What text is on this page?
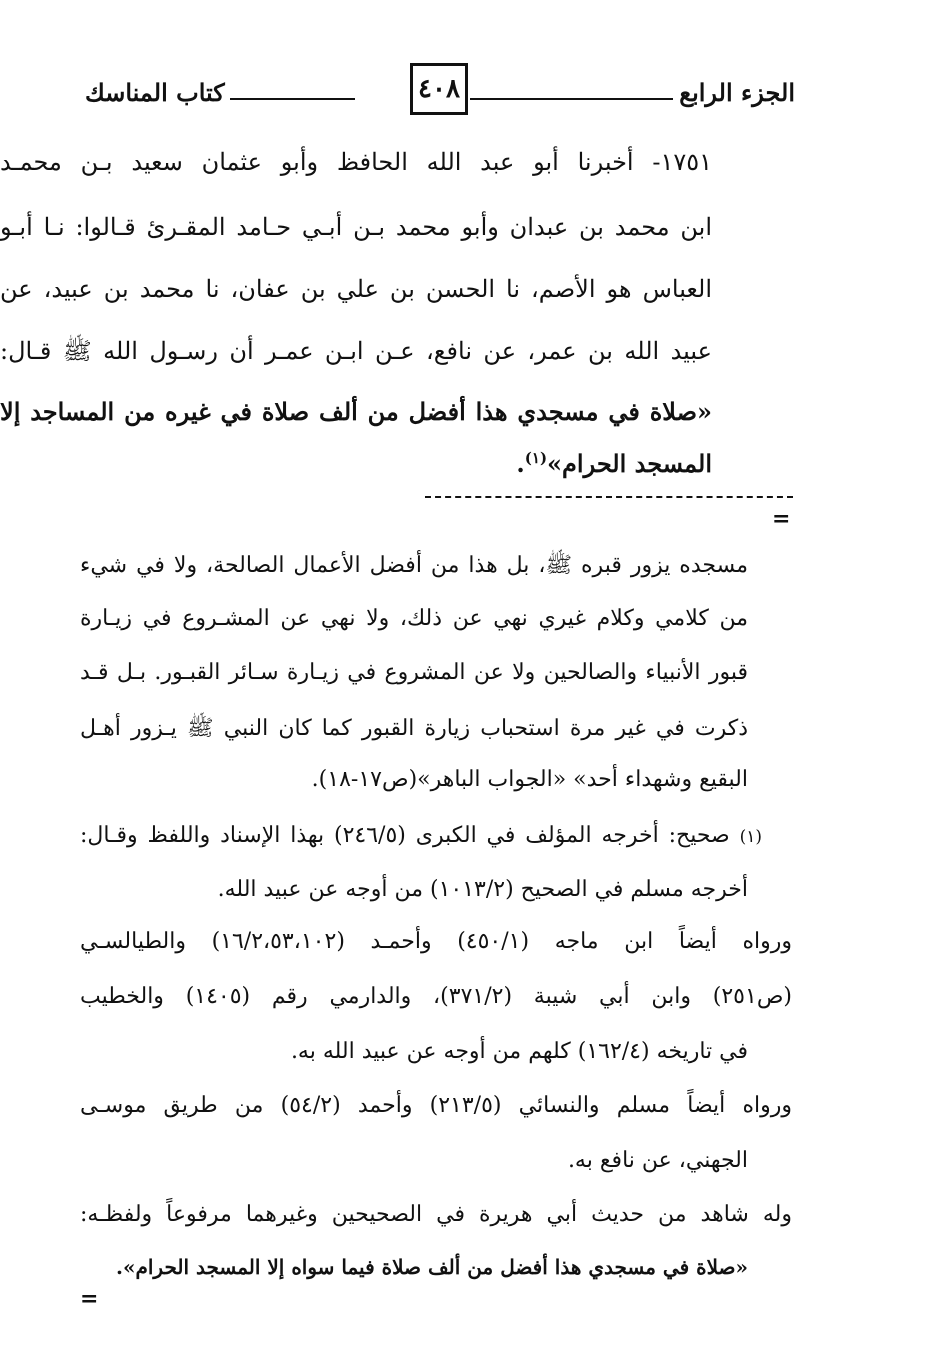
الجزء الرابع
٤٠٨
كتاب المناسك
١٧٥١- أخبرنا أبو عبد الله الحافظ وأبو عثمان سعيد بـن محمـد
ابن محمد بن عبدان وأبو محمد بـن أبـي حـامد المقـرئ قـالوا: نـا أبـو
العباس هو الأصم، نا الحسن بن علي بن عفان، نا محمد بن عبيد، عن
عبيد الله بن عمر، عن نافع، عـن ابـن عمـر أن رسـول الله ﷺ قـال:
«صلاة في مسجدي هذا أفضل من ألف صلاة في غيره من المساجد إلا
المسجد الحرام»$^{(١)}$.
=
مسجده يزور قبره ﷺ، بل هذا من أفضل الأعمال الصالحة، ولا في شيء
من كلامي وكلام غيري نهي عن ذلك، ولا نهي عن المشـروع في زيـارة
قبور الأنبياء والصالحين ولا عن المشروع في زيـارة سـائر القبـور. بـل قـد
ذكرت في غير مرة استحباب زيارة القبور كما كان النبي ﷺ يـزور أهـل
البقيع وشهداء أحد» «الجواب الباهر»(ص١٧-١٨).
(١) صحيح: أخرجه المؤلف في الكبرى (٢٤٦/٥) بهذا الإسناد واللفظ وقـال:
أخرجه مسلم في الصحيح (١٠١٣/٢) من أوجه عن عبيد الله.
ورواه أيضاً ابن ماجه (٤٥٠/١) وأحمـد (١٦/٢،٥٣،١٠٢) والطيالسـي
(ص٢٥١) وابن أبي شيبة (٣٧١/٢)، والدارمي رقم (١٤٠٥) والخطيب
في تاريخه (١٦٢/٤) كلهم من أوجه عن عبيد الله به.
ورواه أيضاً مسلم والنسائي (٢١٣/٥) وأحمد (٥٤/٢) من طريق موسـى
الجهني، عن نافع به.
وله شاهد من حديث أبي هريرة في الصحيحين وغيرهما مرفوعاً ولفظـه:
«صلاة في مسجدي هذا أفضل من ألف صلاة فيما سواه إلا المسجد الحرام».
=
